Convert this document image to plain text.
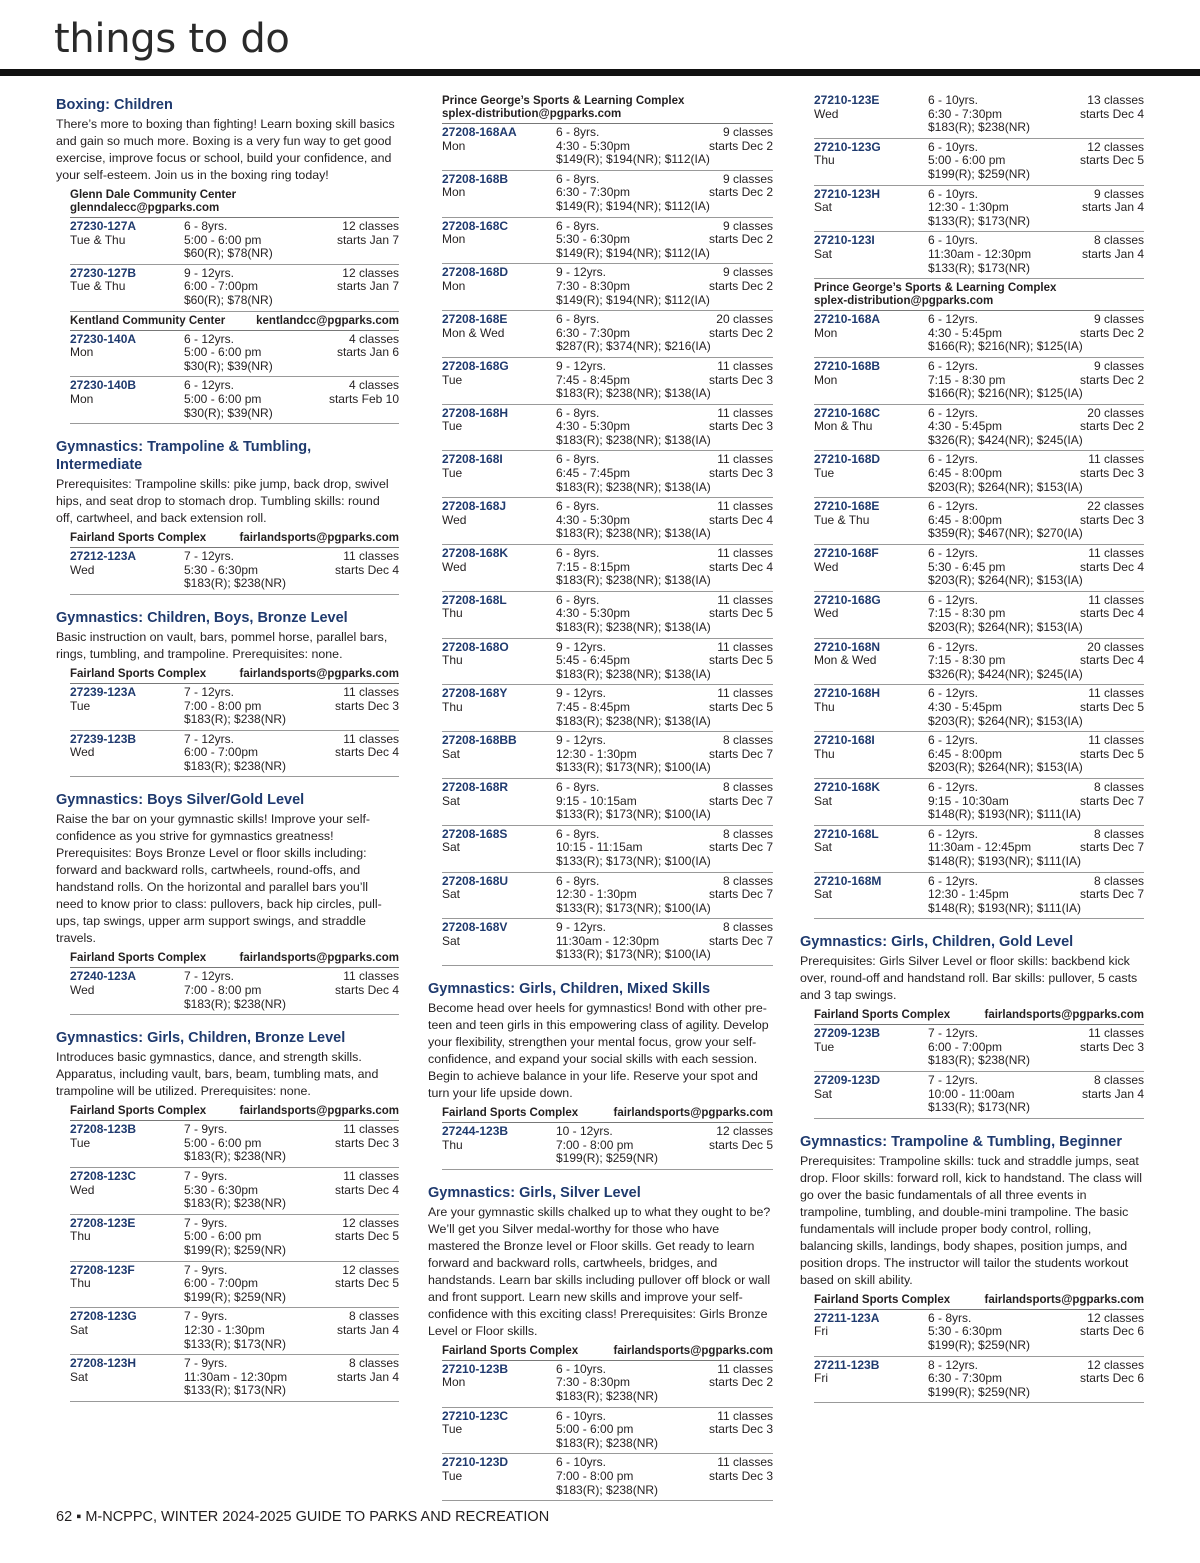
things to do
Boxing: Children
There’s more to boxing than fighting! Learn boxing skill basics and gain so much more. Boxing is a very fun way to get good exercise, improve focus or school, build your confidence, and your self-esteem. Join us in the boxing ring today!
Glenn Dale Community Center
glenndalecc@pgparks.com
27230-127A	6 - 8yrs.	12 classes
Tue & Thu	5:00 - 6:00 pm	starts Jan 7
$60(R); $78(NR)
27230-127B	9 - 12yrs.	12 classes
Tue & Thu	6:00 - 7:00pm	starts Jan 7
$60(R); $78(NR)
Kentland Community Center	kentlandcc@pgparks.com
27230-140A	6 - 12yrs.	4 classes
Mon	5:00 - 6:00 pm	starts Jan 6
$30(R); $39(NR)
27230-140B	6 - 12yrs.	4 classes
Mon	5:00 - 6:00 pm	starts Feb 10
$30(R); $39(NR)
Gymnastics: Trampoline & Tumbling, Intermediate
Prerequisites: Trampoline skills: pike jump, back drop, swivel hips, and seat drop to stomach drop. Tumbling skills: round off, cartwheel, and back extension roll.
Fairland Sports Complex	fairlandsports@pgparks.com
27212-123A	7 - 12yrs.	11 classes
Wed	5:30 - 6:30pm	starts Dec 4
$183(R); $238(NR)
Gymnastics: Children, Boys, Bronze Level
Basic instruction on vault, bars, pommel horse, parallel bars, rings, tumbling, and trampoline. Prerequisites: none.
Fairland Sports Complex	fairlandsports@pgparks.com
27239-123A	7 - 12yrs.	11 classes
Tue	7:00 - 8:00 pm	starts Dec 3
$183(R); $238(NR)
27239-123B	7 - 12yrs.	11 classes
Wed	6:00 - 7:00pm	starts Dec 4
$183(R); $238(NR)
Gymnastics: Boys Silver/Gold Level
Raise the bar on your gymnastic skills! Improve your self-confidence as you strive for gymnastics greatness! Prerequisites: Boys Bronze Level or floor skills including: forward and backward rolls, cartwheels, round-offs, and handstand rolls. On the horizontal and parallel bars you’ll need to know prior to class: pullovers, back hip circles, pull-ups, tap swings, upper arm support swings, and straddle travels.
Fairland Sports Complex	fairlandsports@pgparks.com
27240-123A	7 - 12yrs.	11 classes
Wed	7:00 - 8:00 pm	starts Dec 4
$183(R); $238(NR)
Gymnastics: Girls, Children, Bronze Level
Introduces basic gymnastics, dance, and strength skills. Apparatus, including vault, bars, beam, tumbling mats, and trampoline will be utilized. Prerequisites: none.
Fairland Sports Complex	fairlandsports@pgparks.com
27208-123B	7 - 9yrs.	11 classes
Tue	5:00 - 6:00 pm	starts Dec 3
$183(R); $238(NR)
27208-123C	7 - 9yrs.	11 classes
Wed	5:30 - 6:30pm	starts Dec 4
$183(R); $238(NR)
27208-123E	7 - 9yrs.	12 classes
Thu	5:00 - 6:00 pm	starts Dec 5
$199(R); $259(NR)
27208-123F	7 - 9yrs.	12 classes
Thu	6:00 - 7:00pm	starts Dec 5
$199(R); $259(NR)
27208-123G	7 - 9yrs.	8 classes
Sat	12:30 - 1:30pm	starts Jan 4
$133(R); $173(NR)
27208-123H	7 - 9yrs.	8 classes
Sat	11:30am - 12:30pm	starts Jan 4
$133(R); $173(NR)
Prince George’s Sports & Learning Complex
splex-distribution@pgparks.com
27208-168AA	6 - 8yrs.	9 classes
Mon	4:30 - 5:30pm	starts Dec 2
$149(R); $194(NR); $112(IA)
27208-168B	6 - 8yrs.	9 classes
Mon	6:30 - 7:30pm	starts Dec 2
$149(R); $194(NR); $112(IA)
27208-168C	6 - 8yrs.	9 classes
Mon	5:30 - 6:30pm	starts Dec 2
$149(R); $194(NR); $112(IA)
27208-168D	9 - 12yrs.	9 classes
Mon	7:30 - 8:30pm	starts Dec 2
$149(R); $194(NR); $112(IA)
27208-168E	6 - 8yrs.	20 classes
Mon & Wed	6:30 - 7:30pm	starts Dec 2
$287(R); $374(NR); $216(IA)
27208-168G	9 - 12yrs.	11 classes
Tue	7:45 - 8:45pm	starts Dec 3
$183(R); $238(NR); $138(IA)
27208-168H	6 - 8yrs.	11 classes
Tue	4:30 - 5:30pm	starts Dec 3
$183(R); $238(NR); $138(IA)
27208-168I	6 - 8yrs.	11 classes
Tue	6:45 - 7:45pm	starts Dec 3
$183(R); $238(NR); $138(IA)
27208-168J	6 - 8yrs.	11 classes
Wed	4:30 - 5:30pm	starts Dec 4
$183(R); $238(NR); $138(IA)
27208-168K	6 - 8yrs.	11 classes
Wed	7:15 - 8:15pm	starts Dec 4
$183(R); $238(NR); $138(IA)
27208-168L	6 - 8yrs.	11 classes
Thu	4:30 - 5:30pm	starts Dec 5
$183(R); $238(NR); $138(IA)
27208-168O	9 - 12yrs.	11 classes
Thu	5:45 - 6:45pm	starts Dec 5
$183(R); $238(NR); $138(IA)
27208-168Y	9 - 12yrs.	11 classes
Thu	7:45 - 8:45pm	starts Dec 5
$183(R); $238(NR); $138(IA)
27208-168BB	9 - 12yrs.	8 classes
Sat	12:30 - 1:30pm	starts Dec 7
$133(R); $173(NR); $100(IA)
27208-168R	6 - 8yrs.	8 classes
Sat	9:15 - 10:15am	starts Dec 7
$133(R); $173(NR); $100(IA)
27208-168S	6 - 8yrs.	8 classes
Sat	10:15 - 11:15am	starts Dec 7
$133(R); $173(NR); $100(IA)
27208-168U	6 - 8yrs.	8 classes
Sat	12:30 - 1:30pm	starts Dec 7
$133(R); $173(NR); $100(IA)
27208-168V	9 - 12yrs.	8 classes
Sat	11:30am - 12:30pm	starts Dec 7
$133(R); $173(NR); $100(IA)
Gymnastics: Girls, Children, Mixed Skills
Become head over heels for gymnastics! Bond with other pre-teen and teen girls in this empowering class of agility. Develop your flexibility, strengthen your mental focus, grow your self-confidence, and expand your social skills with each session. Begin to achieve balance in your life. Reserve your spot and turn your life upside down.
Fairland Sports Complex	fairlandsports@pgparks.com
27244-123B	10 - 12yrs.	12 classes
Thu	7:00 - 8:00 pm	starts Dec 5
$199(R); $259(NR)
Gymnastics: Girls, Silver Level
Are your gymnastic skills chalked up to what they ought to be? We’ll get you Silver medal-worthy for those who have mastered the Bronze level or Floor skills. Get ready to learn forward and backward rolls, cartwheels, bridges, and handstands. Learn bar skills including pullover off block or wall and front support. Learn new skills and improve your self-confidence with this exciting class! Prerequisites: Girls Bronze Level or Floor skills.
Fairland Sports Complex	fairlandsports@pgparks.com
27210-123B	6 - 10yrs.	11 classes
Mon	7:30 - 8:30pm	starts Dec 2
$183(R); $238(NR)
27210-123C	6 - 10yrs.	11 classes
Tue	5:00 - 6:00 pm	starts Dec 3
$183(R); $238(NR)
27210-123D	6 - 10yrs.	11 classes
Tue	7:00 - 8:00 pm	starts Dec 3
$183(R); $238(NR)
27210-123E	6 - 10yrs.	13 classes
Wed	6:30 - 7:30pm	starts Dec 4
$183(R); $238(NR)
27210-123G	6 - 10yrs.	12 classes
Thu	5:00 - 6:00 pm	starts Dec 5
$199(R); $259(NR)
27210-123H	6 - 10yrs.	9 classes
Sat	12:30 - 1:30pm	starts Jan 4
$133(R); $173(NR)
27210-123I	6 - 10yrs.	8 classes
Sat	11:30am - 12:30pm	starts Jan 4
$133(R); $173(NR)
Prince George’s Sports & Learning Complex
splex-distribution@pgparks.com
27210-168A	6 - 12yrs.	9 classes
Mon	4:30 - 5:45pm	starts Dec 2
$166(R); $216(NR); $125(IA)
27210-168B	6 - 12yrs.	9 classes
Mon	7:15 - 8:30 pm	starts Dec 2
$166(R); $216(NR); $125(IA)
27210-168C	6 - 12yrs.	20 classes
Mon & Thu	4:30 - 5:45pm	starts Dec 2
$326(R); $424(NR); $245(IA)
27210-168D	6 - 12yrs.	11 classes
Tue	6:45 - 8:00pm	starts Dec 3
$203(R); $264(NR); $153(IA)
27210-168E	6 - 12yrs.	22 classes
Tue & Thu	6:45 - 8:00pm	starts Dec 3
$359(R); $467(NR); $270(IA)
27210-168F	6 - 12yrs.	11 classes
Wed	5:30 - 6:45 pm	starts Dec 4
$203(R); $264(NR); $153(IA)
27210-168G	6 - 12yrs.	11 classes
Wed	7:15 - 8:30 pm	starts Dec 4
$203(R); $264(NR); $153(IA)
27210-168N	6 - 12yrs.	20 classes
Mon & Wed	7:15 - 8:30 pm	starts Dec 4
$326(R); $424(NR); $245(IA)
27210-168H	6 - 12yrs.	11 classes
Thu	4:30 - 5:45pm	starts Dec 5
$203(R); $264(NR); $153(IA)
27210-168I	6 - 12yrs.	11 classes
Thu	6:45 - 8:00pm	starts Dec 5
$203(R); $264(NR); $153(IA)
27210-168K	6 - 12yrs.	8 classes
Sat	9:15 - 10:30am	starts Dec 7
$148(R); $193(NR); $111(IA)
27210-168L	6 - 12yrs.	8 classes
Sat	11:30am - 12:45pm	starts Dec 7
$148(R); $193(NR); $111(IA)
27210-168M	6 - 12yrs.	8 classes
Sat	12:30 - 1:45pm	starts Dec 7
$148(R); $193(NR); $111(IA)
Gymnastics: Girls, Children, Gold Level
Prerequisites: Girls Silver Level or floor skills: backbend kick over, round-off and handstand roll. Bar skills: pullover, 5 casts and 3 tap swings.
Fairland Sports Complex	fairlandsports@pgparks.com
27209-123B	7 - 12yrs.	11 classes
Tue	6:00 - 7:00pm	starts Dec 3
$183(R); $238(NR)
27209-123D	7 - 12yrs.	8 classes
Sat	10:00 - 11:00am	starts Jan 4
$133(R); $173(NR)
Gymnastics: Trampoline & Tumbling, Beginner
Prerequisites: Trampoline skills: tuck and straddle jumps, seat drop. Floor skills: forward roll, kick to handstand. The class will go over the basic fundamentals of all three events in trampoline, tumbling, and double-mini trampoline. The basic fundamentals will include proper body control, rolling, balancing skills, landings, body shapes, position jumps, and position drops. The instructor will tailor the students workout based on skill ability.
Fairland Sports Complex	fairlandsports@pgparks.com
27211-123A	6 - 8yrs.	12 classes
Fri	5:30 - 6:30pm	starts Dec 6
$199(R); $259(NR)
27211-123B	8 - 12yrs.	12 classes
Fri	6:30 - 7:30pm	starts Dec 6
$199(R); $259(NR)
62 ▪ M-NCPPC, WINTER 2024-2025 GUIDE TO PARKS AND RECREATION
